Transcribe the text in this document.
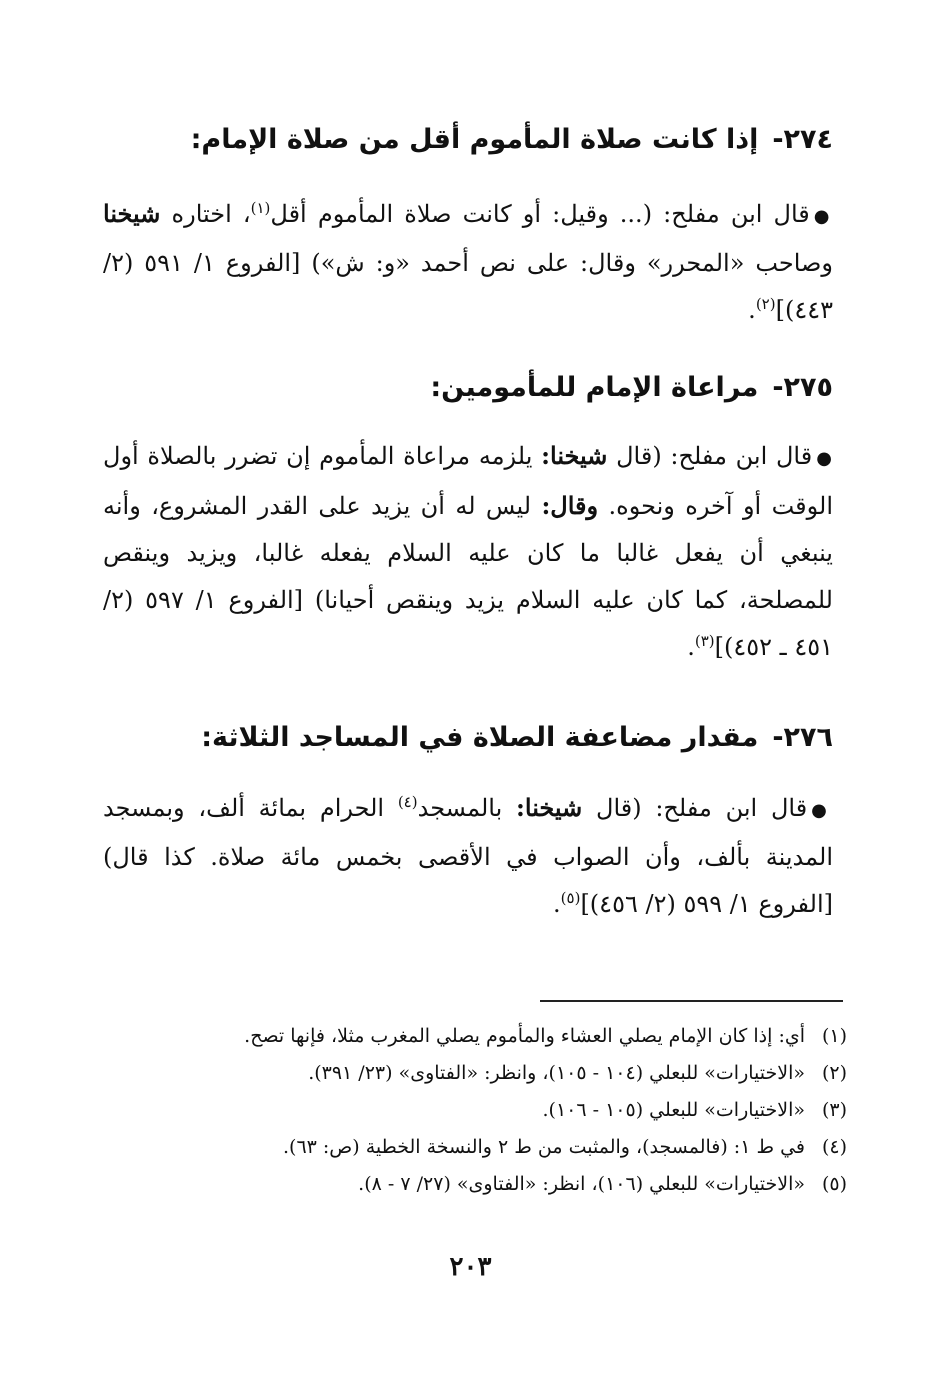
٢٧٤-إذا كانت صلاة المأموم أقل من صلاة الإمام:
●قال ابن مفلح: (... وقيل: أو كانت صلاة المأموم أقل$^{(١)}$، اختاره شيخنا وصاحب «المحرر» وقال: على نص أحمد «و: ش») [الفروع ١/ ٥٩١ (٢/ ٤٤٣)]$^{(٢)}$.
٢٧٥-مراعاة الإمام للمأمومين:
●قال ابن مفلح: (قال شيخنا: يلزمه مراعاة المأموم إن تضرر بالصلاة أول الوقت أو آخره ونحوه. وقال: ليس له أن يزيد على القدر المشروع، وأنه ينبغي أن يفعل غالبا ما كان عليه السلام يفعله غالبا، ويزيد وينقص للمصلحة، كما كان عليه السلام يزيد وينقص أحيانا) [الفروع ١/ ٥٩٧ (٢/ ٤٥١ ـ ٤٥٢)]$^{(٣)}$.
٢٧٦-مقدار مضاعفة الصلاة في المساجد الثلاثة:
●قال ابن مفلح: (قال شيخنا: بالمسجد$^{(٤)}$ الحرام بمائة ألف، وبمسجد المدينة بألف، وأن الصواب في الأقصى بخمس مائة صلاة. كذا قال) [الفروع ١/ ٥٩٩ (٢/ ٤٥٦)]$^{(٥)}$.
(١)أي: إذا كان الإمام يصلي العشاء والمأموم يصلي المغرب مثلا، فإنها تصح.
(٢)«الاختيارات» للبعلي (١٠٤ - ١٠٥)، وانظر: «الفتاوى» (٢٣/ ٣٩١).
(٣)«الاختيارات» للبعلي (١٠٥ - ١٠٦).
(٤)في ط ١: (فالمسجد)، والمثبت من ط ٢ والنسخة الخطية (ص: ٦٣).
(٥)«الاختيارات» للبعلي (١٠٦)، انظر: «الفتاوى» (٢٧/ ٧ - ٨).
٢٠٣
